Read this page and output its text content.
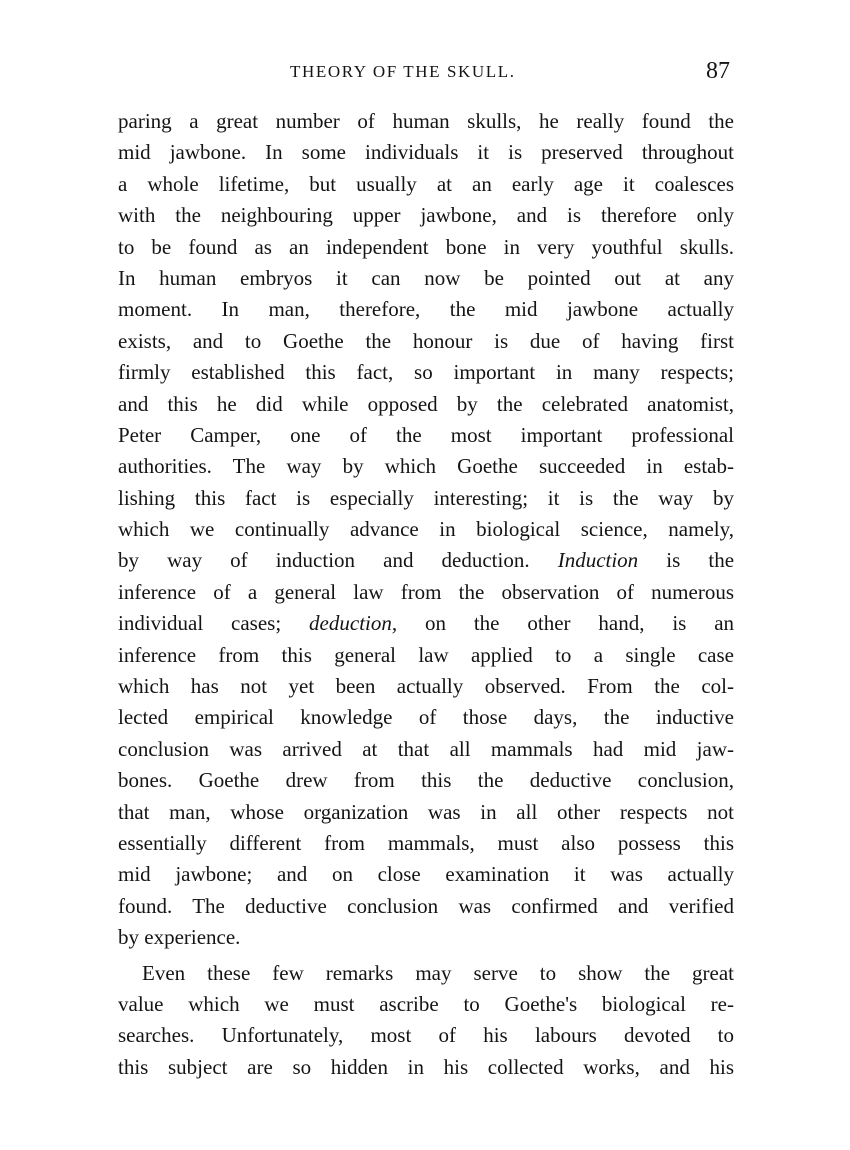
THEORY OF THE SKULL.	87
paring a great number of human skulls, he really found the
mid jawbone. In some individuals it is preserved throughout
a whole lifetime, but usually at an early age it coalesces
with the neighbouring upper jawbone, and is therefore only
to be found as an independent bone in very youthful skulls.
In human embryos it can now be pointed out at any
moment. In man, therefore, the mid jawbone actually
exists, and to Goethe the honour is due of having first
firmly established this fact, so important in many respects;
and this he did while opposed by the celebrated anatomist,
Peter Camper, one of the most important professional
authorities. The way by which Goethe succeeded in estab-
lishing this fact is especially interesting; it is the way by
which we continually advance in biological science, namely,
by way of induction and deduction. Induction is the
inference of a general law from the observation of numerous
individual cases; deduction, on the other hand, is an
inference from this general law applied to a single case
which has not yet been actually observed. From the col-
lected empirical knowledge of those days, the inductive
conclusion was arrived at that all mammals had mid jaw-
bones. Goethe drew from this the deductive conclusion,
that man, whose organization was in all other respects not
essentially different from mammals, must also possess this
mid jawbone; and on close examination it was actually
found. The deductive conclusion was confirmed and verified
by experience.
Even these few remarks may serve to show the great
value which we must ascribe to Goethe's biological re-
searches. Unfortunately, most of his labours devoted to
this subject are so hidden in his collected works, and his
